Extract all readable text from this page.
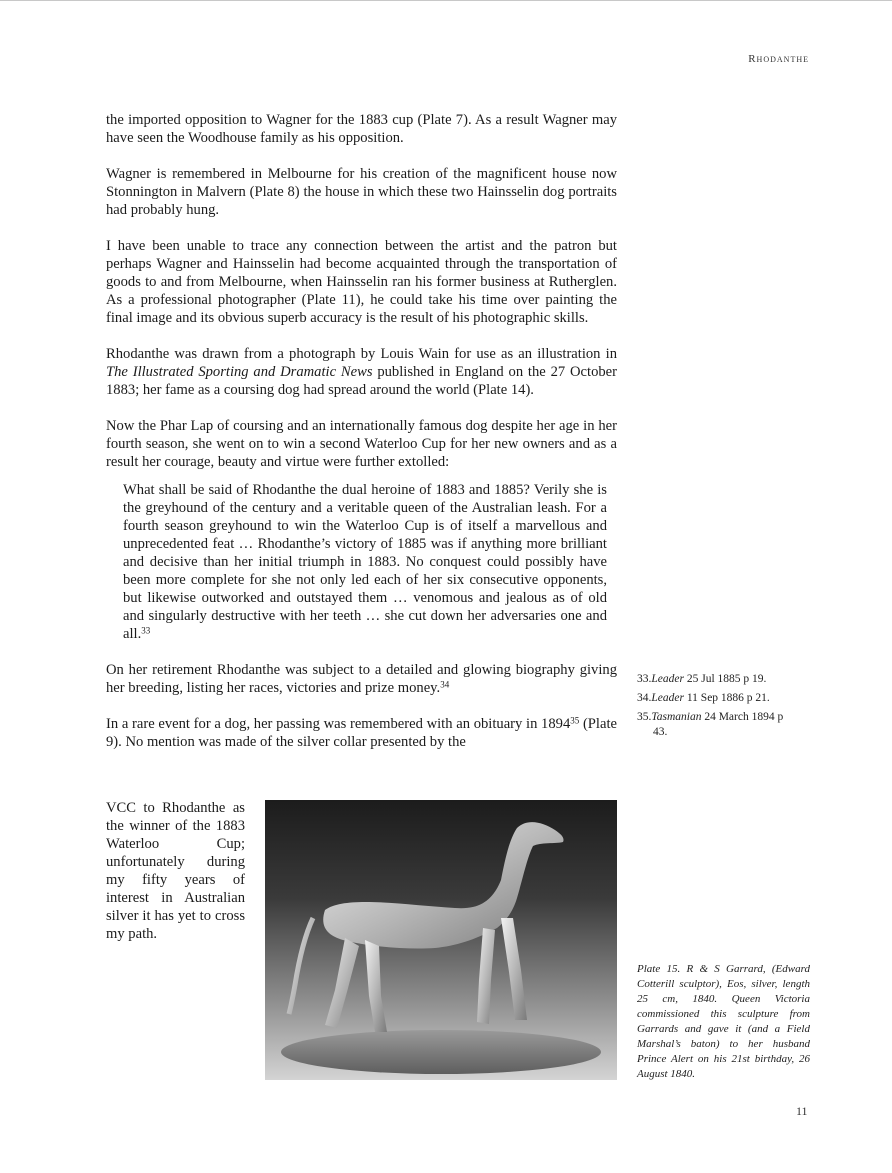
Rhodanthe

the imported opposition to Wagner for the 1883 cup (Plate 7). As a result Wagner may have seen the Woodhouse family as his opposition.

Wagner is remembered in Melbourne for his creation of the magnificent house now Stonnington in Malvern (Plate 8) the house in which these two Hainsselin dog portraits had probably hung.

I have been unable to trace any connection between the artist and the patron but perhaps Wagner and Hainsselin had become acquainted through the transportation of goods to and from Melbourne, when Hainsselin ran his former business at Rutherglen. As a professional photographer (Plate 11), he could take his time over painting the final image and its obvious superb accuracy is the result of his photographic skills.

Rhodanthe was drawn from a photograph by Louis Wain for use as an illustration in The Illustrated Sporting and Dramatic News published in England on the 27 October 1883; her fame as a coursing dog had spread around the world (Plate 14).

Now the Phar Lap of coursing and an internationally famous dog despite her age in her fourth season, she went on to win a second Waterloo Cup for her new owners and as a result her courage, beauty and virtue were further extolled:

What shall be said of Rhodanthe the dual heroine of 1883 and 1885? Verily she is the greyhound of the century and a veritable queen of the Australian leash. For a fourth season greyhound to win the Waterloo Cup is of itself a marvellous and unprecedented feat … Rhodanthe’s victory of 1885 was if anything more brilliant and decisive than her initial triumph in 1883. No conquest could possibly have been more complete for she not only led each of her six consecutive opponents, but likewise outworked and outstayed them … venomous and jealous as of old and singularly destructive with her teeth … she cut down her adversaries one and all.$^{33}$

On her retirement Rhodanthe was subject to a detailed and glowing biography giving her breeding, listing her races, victories and prize money.$^{34}$

In a rare event for a dog, her passing was remembered with an obituary in 1894$^{35}$ (Plate 9). No mention was made of the silver collar presented by the

VCC to Rhodanthe as the winner of the 1883 Waterloo Cup; unfortunately during my fifty years of interest in Australian silver it has yet to cross my path.
33.Leader 25 Jul 1885 p 19.
34.Leader 11 Sep 1886 p 21.
35.Tasmanian 24 March 1894 p 43.
Plate 15. R & S Garrard, (Edward Cotterill sculptor), Eos, silver, length 25 cm, 1840. Queen Victoria commissioned this sculpture from Garrards and gave it (and a Field Marshal’s baton) to her husband Prince Alert on his 21st birthday, 26 August 1840.
11
